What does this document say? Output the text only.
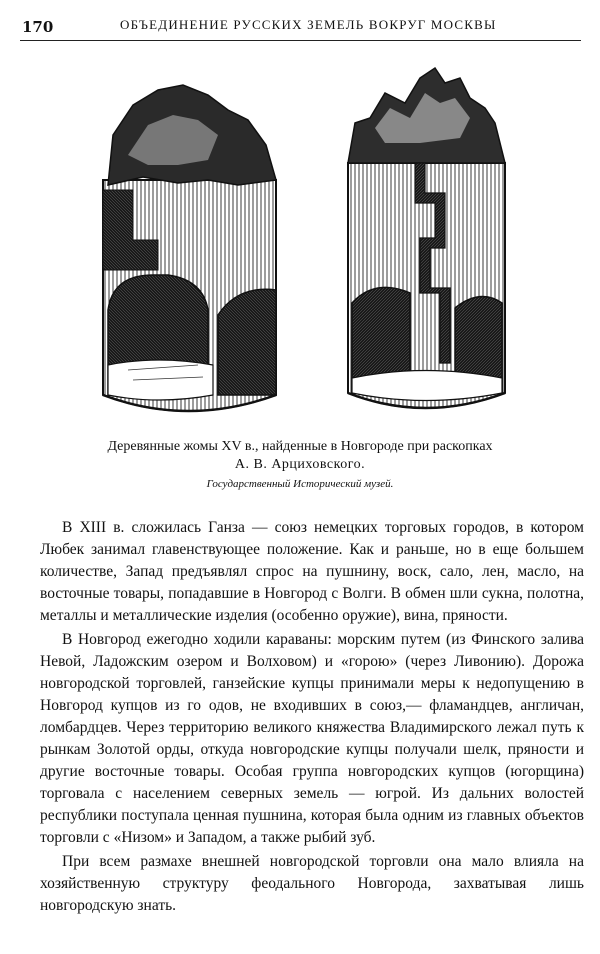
170	ОБЪЕДИНЕНИЕ РУССКИХ ЗЕМЕЛЬ ВОКРУГ МОСКВЫ
Деревянные жомы XV в., найденные в Новгороде при раскопках
А. В. Арциховского.
Государственный Исторический музей.

В XIII в. сложилась Ганза — союз немецких торговых городов, в котором Любек занимал главенствующее положение. Как и раньше, но в еще большем количестве, Запад предъявлял спрос на пушнину, воск, сало, лен, масло, на восточные товары, попадавшие в Новгород с Волги. В обмен шли сукна, полотна, металлы и металлические изделия (особенно оружие), вина, пряности.

В Новгород ежегодно ходили караваны: морским путем (из Финского залива Невой, Ладожским озером и Волховом) и «горою» (через Ливонию). Дорожа новгородской торговлей, ганзейские купцы принимали меры к недопущению в Новгород купцов из го одов, не входивших в союз,— фламандцев, англичан, ломбардцев. Через территорию великого княжества Владимирского лежал путь к рынкам Золотой орды, откуда новгородские купцы получали шелк, пряности и другие восточные товары. Особая группа новгородских купцов (югорщина) торговала с населением северных земель — югрой. Из дальних волостей республики поступала ценная пушнина, которая была одним из главных объектов торговли с «Низом» и Западом, а также рыбий зуб.

При всем размахе внешней новгородской торговли она мало влияла на хозяйственную структуру феодального Новгорода, захватывая лишь новгородскую знать.
